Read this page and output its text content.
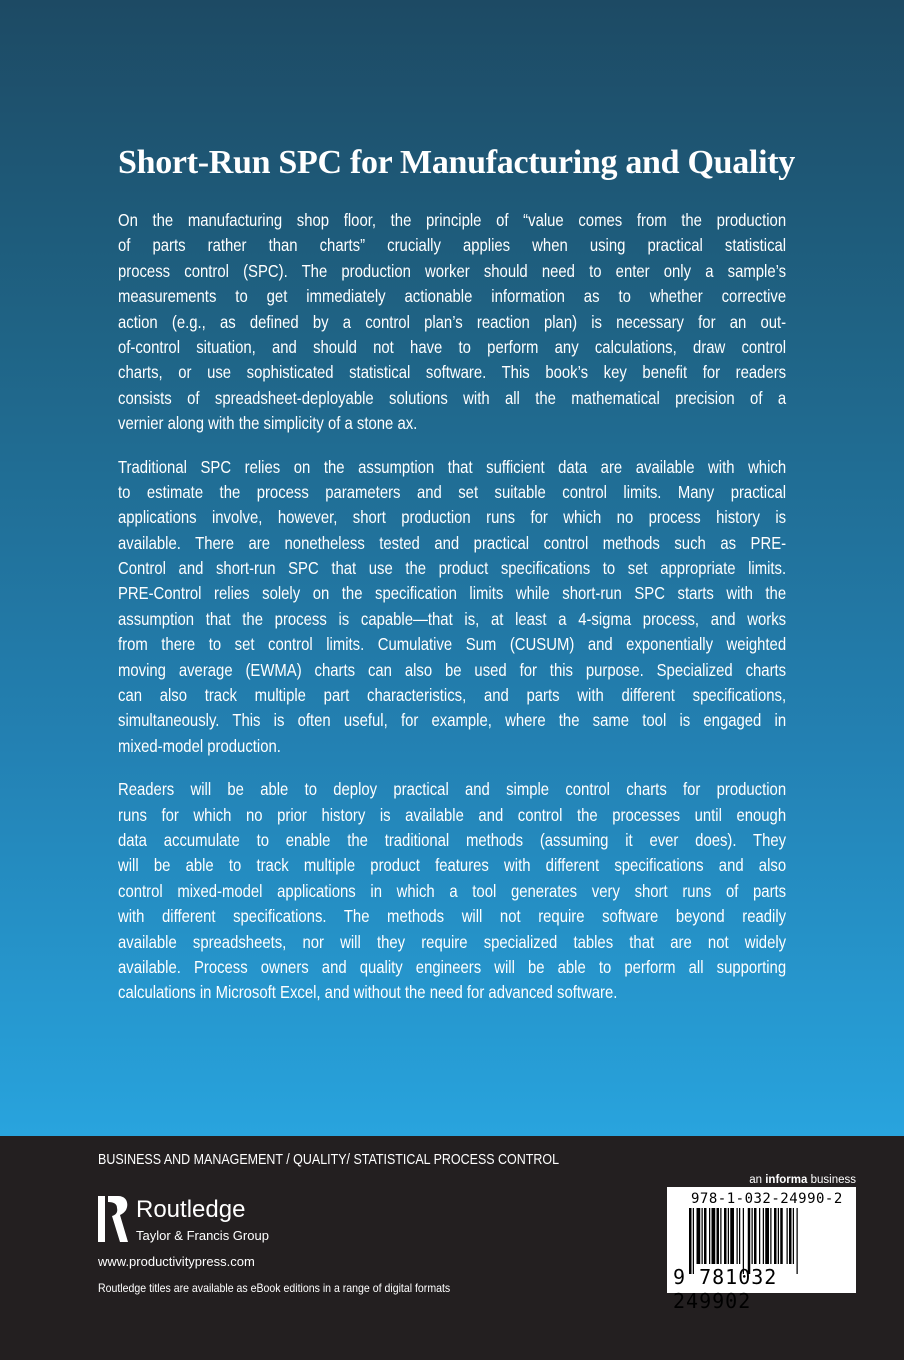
Short-Run SPC for Manufacturing and Quality
On the manufacturing shop floor, the principle of “value comes from the production
of parts rather than charts” crucially applies when using practical statistical
process control (SPC). The production worker should need to enter only a sample’s
measurements to get immediately actionable information as to whether corrective
action (e.g., as defined by a control plan’s reaction plan) is necessary for an out-
of-control situation, and should not have to perform any calculations, draw control
charts, or use sophisticated statistical software. This book’s key benefit for readers
consists of spreadsheet-deployable solutions with all the mathematical precision of a
vernier along with the simplicity of a stone ax.
Traditional SPC relies on the assumption that sufficient data are available with which
to estimate the process parameters and set suitable control limits. Many practical
applications involve, however, short production runs for which no process history is
available. There are nonetheless tested and practical control methods such as PRE-
Control and short-run SPC that use the product specifications to set appropriate limits.
PRE-Control relies solely on the specification limits while short-run SPC starts with the
assumption that the process is capable—that is, at least a 4-sigma process, and works
from there to set control limits. Cumulative Sum (CUSUM) and exponentially weighted
moving average (EWMA) charts can also be used for this purpose. Specialized charts
can also track multiple part characteristics, and parts with different specifications,
simultaneously. This is often useful, for example, where the same tool is engaged in
mixed-model production.
Readers will be able to deploy practical and simple control charts for production
runs for which no prior history is available and control the processes until enough
data accumulate to enable the traditional methods (assuming it ever does). They
will be able to track multiple product features with different specifications and also
control mixed-model applications in which a tool generates very short runs of parts
with different specifications. The methods will not require software beyond readily
available spreadsheets, nor will they require specialized tables that are not widely
available. Process owners and quality engineers will be able to perform all supporting
calculations in Microsoft Excel, and without the need for advanced software.
BUSINESS AND MANAGEMENT / QUALITY/ STATISTICAL PROCESS CONTROL
Routledge
Taylor & Francis Group
www.productivitypress.com
Routledge titles are available as eBook editions in a range of digital formats
an informa business
978-1-032-24990-2
9 781032 249902
